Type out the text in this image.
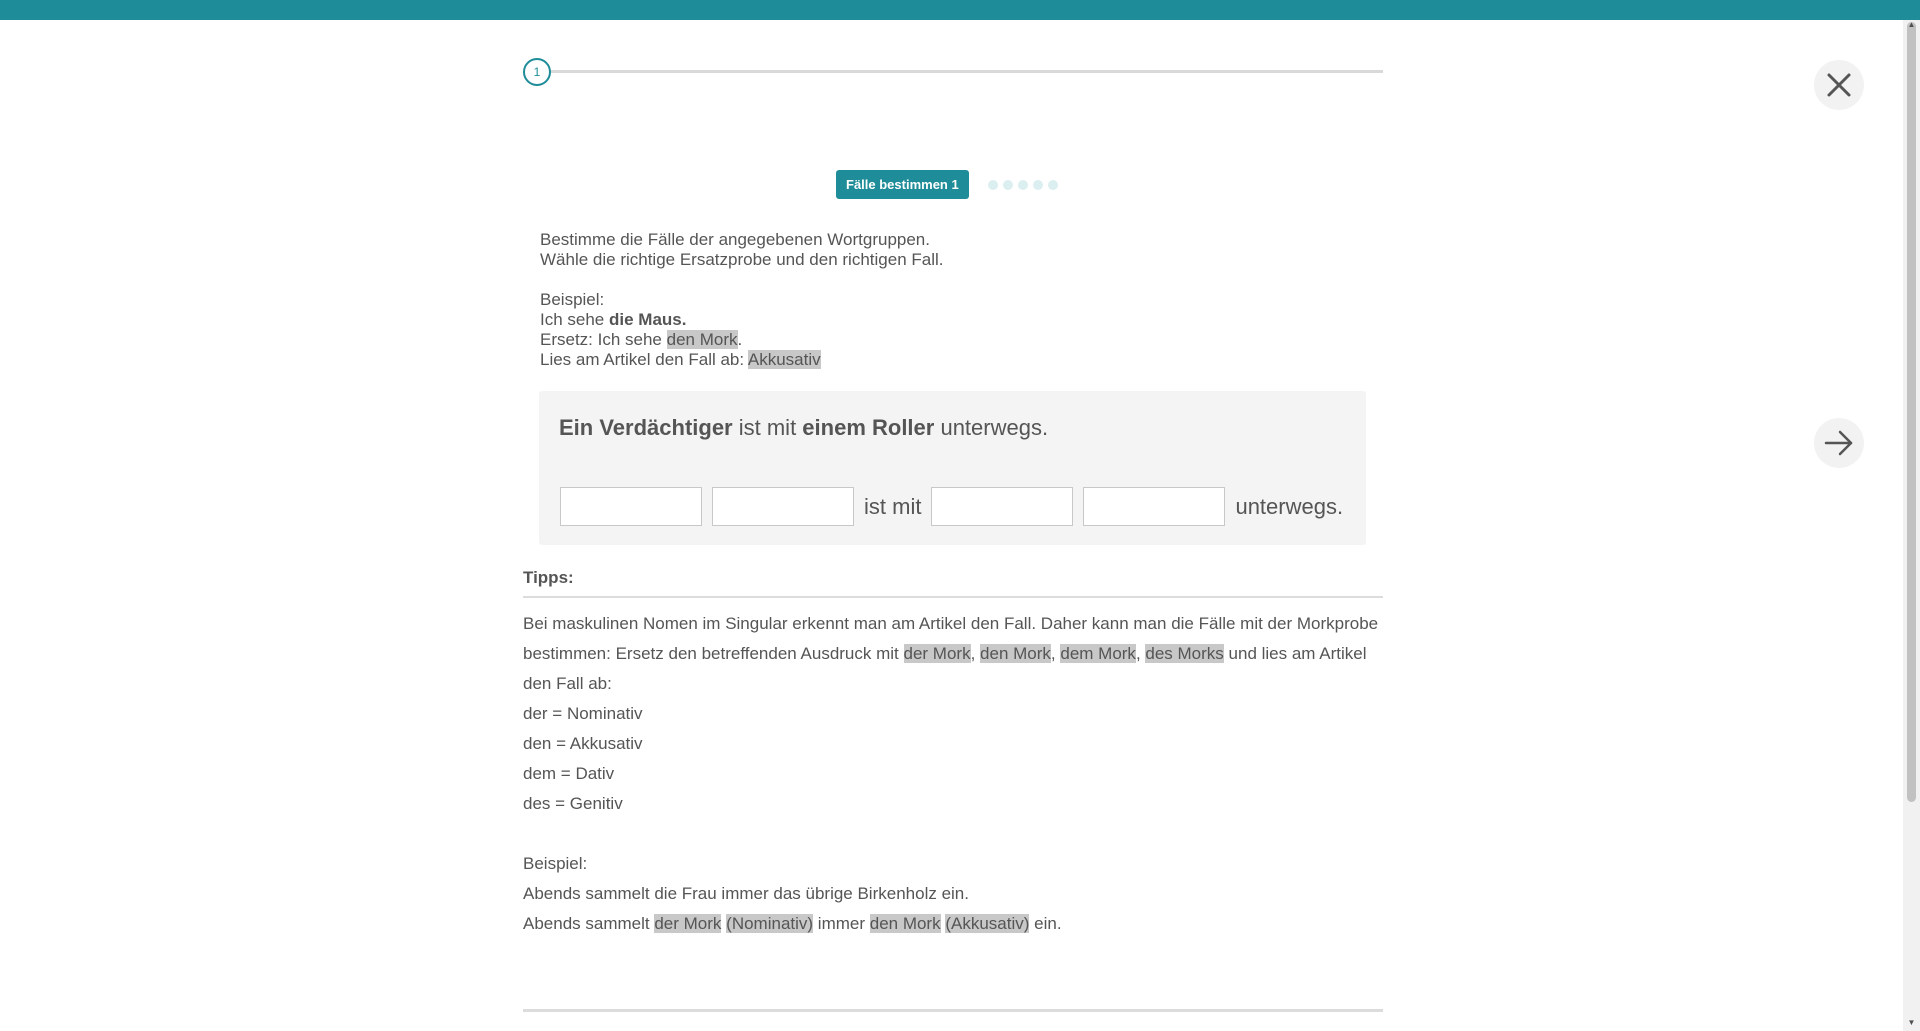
1
Fälle bestimmen 1

Bestimme die Fälle der angegebenen Wortgruppen.

Wähle die richtige Ersatzprobe und den richtigen Fall.

Beispiel:

Ich sehe die Maus.

Ersetz: Ich sehe den Mork.

Lies am Artikel den Fall ab: Akkusativ

Ein Verdächtiger ist mit einem Roller unterwegs.
ist mit	unterwegs.
Tipps:

Bei maskulinen Nomen im Singular erkennt man am Artikel den Fall. Daher kann man die Fälle mit der Morkprobe bestimmen: Ersetz den betreffenden Ausdruck mit der Mork, den Mork, dem Mork, des Morks und lies am Artikel den Fall ab:

der = Nominativ

den = Akkusativ

dem = Dativ

des = Genitiv

Beispiel:

Abends sammelt die Frau immer das übrige Birkenholz ein.

Abends sammelt der Mork (Nominativ) immer den Mork (Akkusativ) ein.

▲
▼
